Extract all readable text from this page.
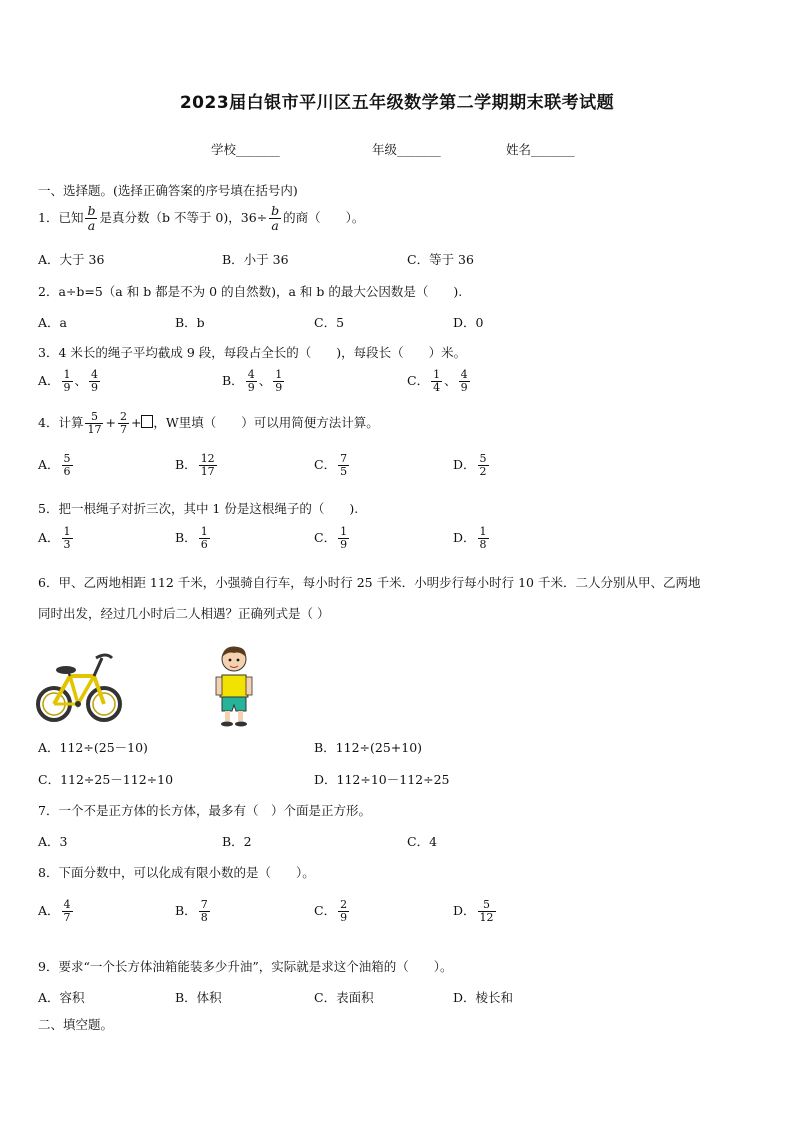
2023届白银市平川区五年级数学第二学期期末联考试题
学校_______	年级_______	姓名_______
一、选择题。(选择正确答案的序号填在括号内)
1．已知 $\frac{b}{a}$ 是真分数（b 不等于 0)，$36\div \frac{b}{a}$ 的商（　　）。
A．大于 36	B．小于 36	C．等于 36
2．a÷b=5（a 和 b 都是不为 0 的自然数)，a 和 b 的最大公因数是（　　).
A．a	B．b	C．5	D．0
3．4 米长的绳子平均截成 9 段，每段占全长的（　　)，每段长（　　）米。
A． $\frac{1}{9}$ 、 $\frac{4}{9}$	B． $\frac{4}{9}$ 、 $\frac{1}{9}$	C． $\frac{1}{4}$ 、 $\frac{4}{9}$
4．计算 $\frac{5}{17} + \frac{2}{7}$ + ，W里填（　　）可以用简便方法计算。
A． $\frac{5}{6}$	B． $\frac{12}{17}$	C． $\frac{7}{5}$	D． $\frac{5}{2}$
5．把一根绳子对折三次，其中 1 份是这根绳子的（　　).
A． $\frac{1}{3}$	B． $\frac{1}{6}$	C． $\frac{1}{9}$	D． $\frac{1}{8}$
6．甲、乙两地相距 112 千米，小强骑自行车，每小时行 25 千米．小明步行每小时行 10 千米．二人分别从甲、乙两地
同时出发，经过几小时后二人相遇？正确列式是（ ）
A．112÷(25－10)	B．112÷(25+10)
C．112÷25－112÷10	D．112÷10－112÷25
7．一个不是正方体的长方体，最多有（　）个面是正方形。
A．3	B．2	C．4
8．下面分数中，可以化成有限小数的是（　　）。
A． $\frac{4}{7}$	B． $\frac{7}{8}$	C． $\frac{2}{9}$	D． $\frac{5}{12}$
9．要求“一个长方体油箱能装多少升油”，实际就是求这个油箱的（　　）。
A．容积	B．体积	C．表面积	D．棱长和
二、填空题。
